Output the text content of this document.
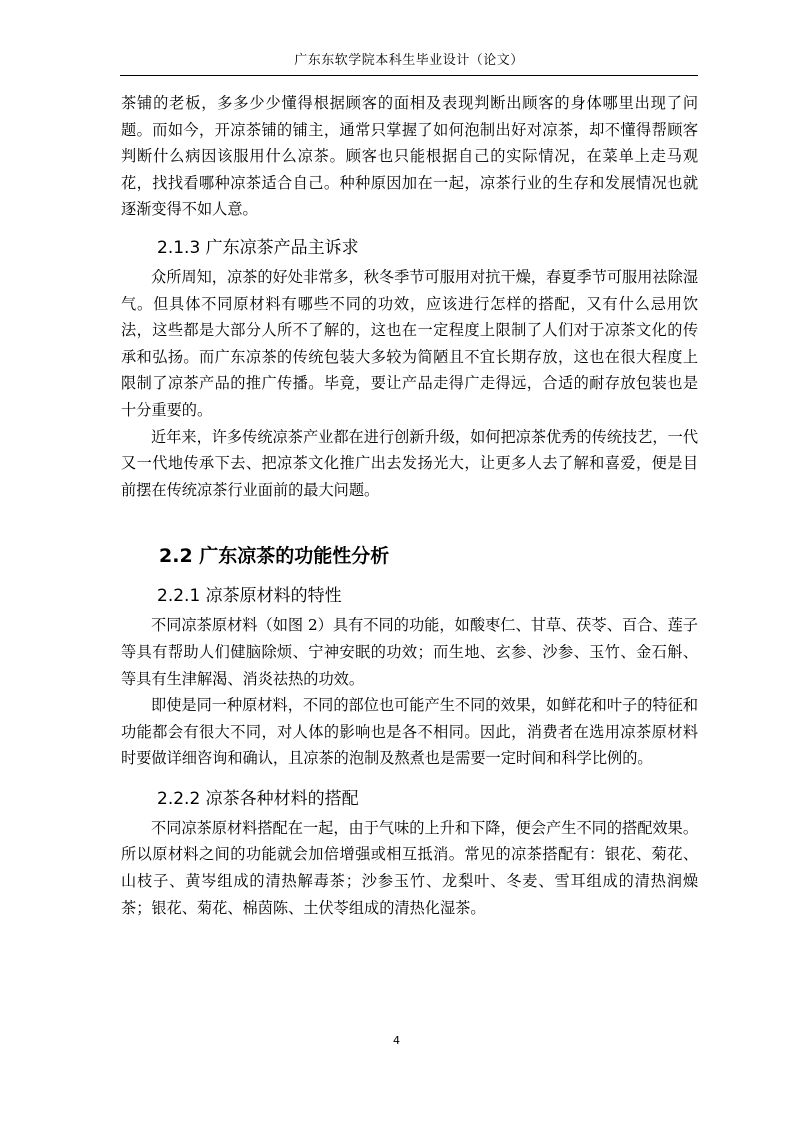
广东东软学院本科生毕业设计（论文）

茶铺的老板，多多少少懂得根据顾客的面相及表现判断出顾客的身体哪里出现了问题。而如今，开凉茶铺的铺主，通常只掌握了如何泡制出好对凉茶，却不懂得帮顾客判断什么病因该服用什么凉茶。顾客也只能根据自己的实际情况，在菜单上走马观花，找找看哪种凉茶适合自己。种种原因加在一起，凉茶行业的生存和发展情况也就逐渐变得不如人意。

2.1.3 广东凉茶产品主诉求

众所周知，凉茶的好处非常多，秋冬季节可服用对抗干燥，春夏季节可服用祛除湿气。但具体不同原材料有哪些不同的功效，应该进行怎样的搭配，又有什么忌用饮法，这些都是大部分人所不了解的，这也在一定程度上限制了人们对于凉茶文化的传承和弘扬。而广东凉茶的传统包装大多较为简陋且不宜长期存放，这也在很大程度上限制了凉茶产品的推广传播。毕竟，要让产品走得广走得远，合适的耐存放包装也是十分重要的。

近年来，许多传统凉茶产业都在进行创新升级，如何把凉茶优秀的传统技艺，一代又一代地传承下去、把凉茶文化推广出去发扬光大，让更多人去了解和喜爱，便是目前摆在传统凉茶行业面前的最大问题。

2.2 广东凉茶的功能性分析
2.2.1 凉茶原材料的特性

不同凉茶原材料（如图 2）具有不同的功能，如酸枣仁、甘草、茯苓、百合、莲子等具有帮助人们健脑除烦、宁神安眠的功效；而生地、玄参、沙参、玉竹、金石斛、等具有生津解渴、消炎祛热的功效。

即使是同一种原材料，不同的部位也可能产生不同的效果，如鲜花和叶子的特征和功能都会有很大不同，对人体的影响也是各不相同。因此，消费者在选用凉茶原材料时要做详细咨询和确认，且凉茶的泡制及熬煮也是需要一定时间和科学比例的。

2.2.2 凉茶各种材料的搭配

不同凉茶原材料搭配在一起，由于气味的上升和下降，便会产生不同的搭配效果。所以原材料之间的功能就会加倍增强或相互抵消。常见的凉茶搭配有：银花、菊花、山枝子、黄岑组成的清热解毒茶；沙参玉竹、龙梨叶、冬麦、雪耳组成的清热润燥茶；银花、菊花、棉茵陈、土伏苓组成的清热化湿茶。

4
